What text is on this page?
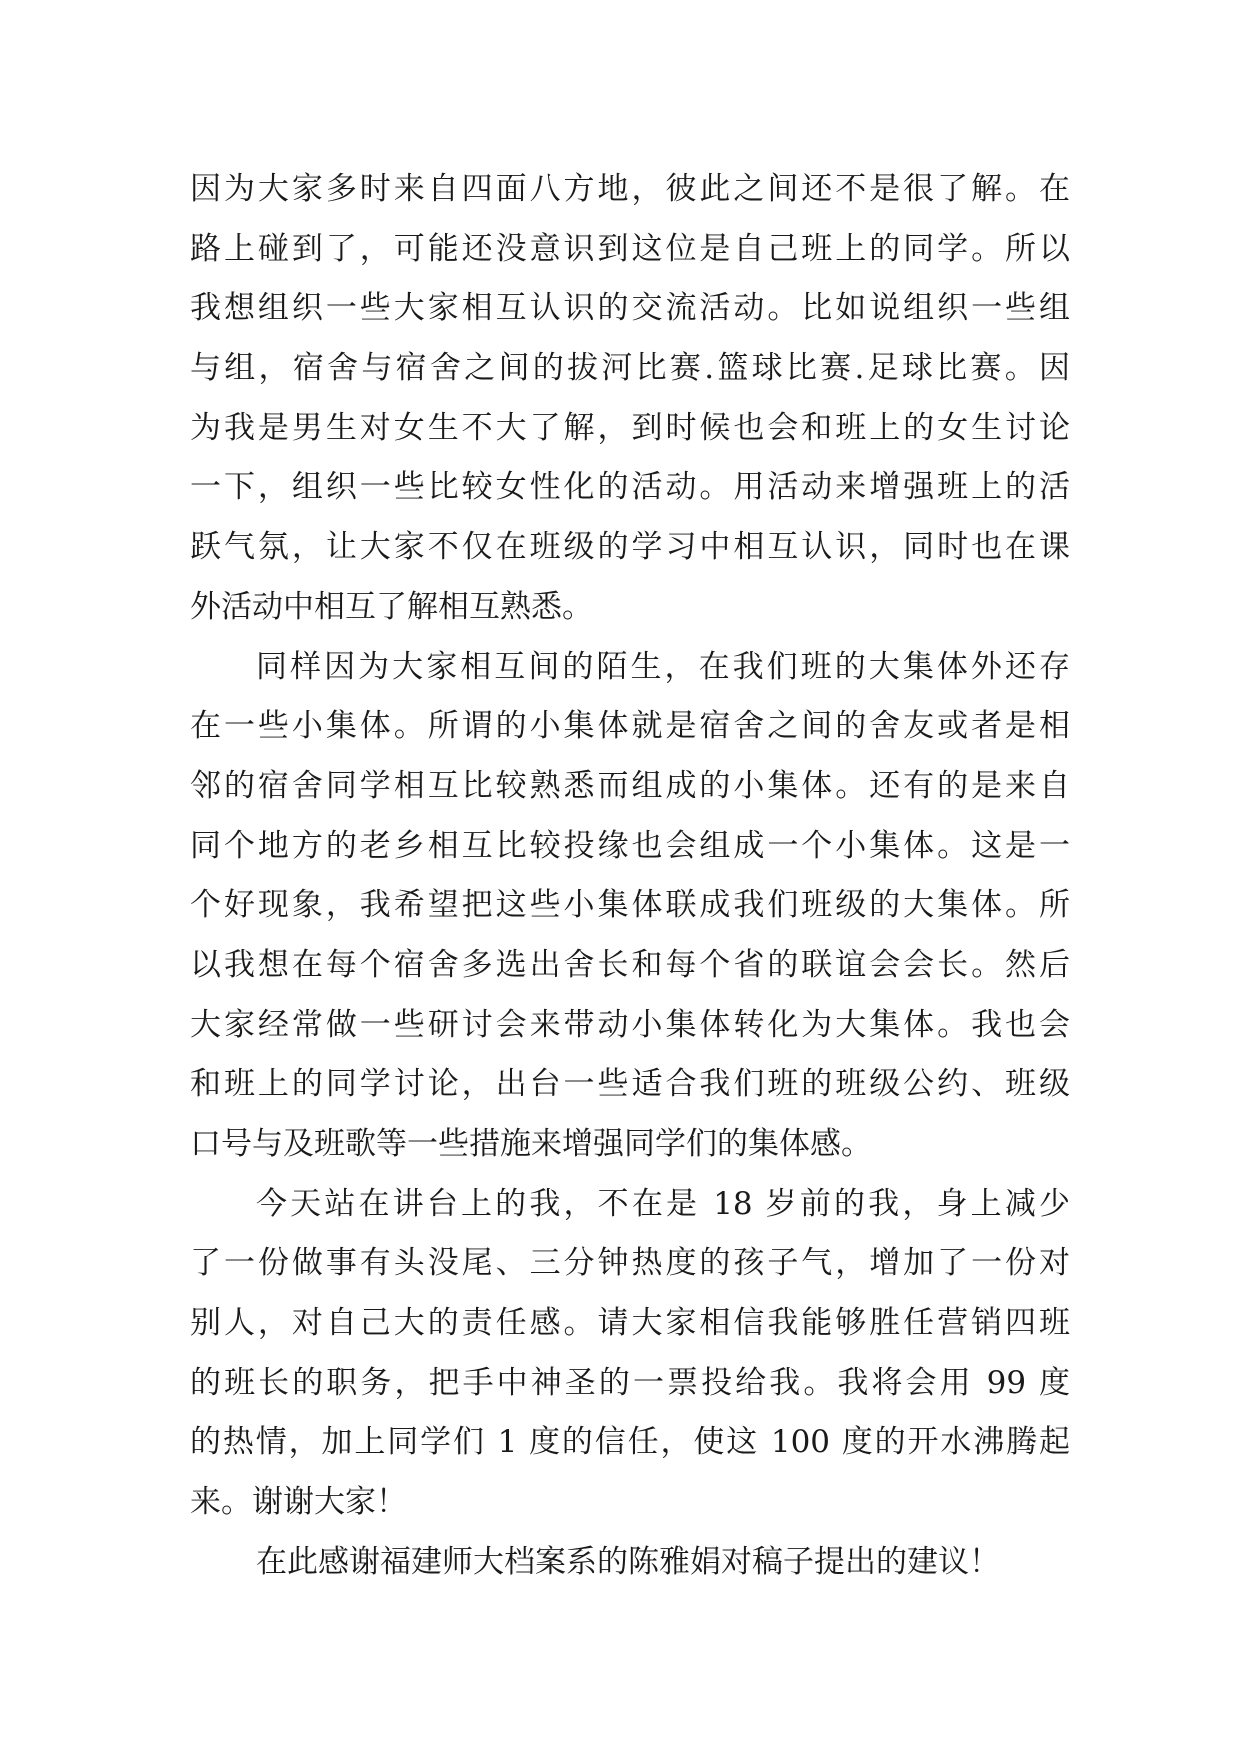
因为大家多时来自四面八方地，彼此之间还不是很了解。在
路上碰到了，可能还没意识到这位是自己班上的同学。所以
我想组织一些大家相互认识的交流活动。比如说组织一些组
与组，宿舍与宿舍之间的拔河比赛.篮球比赛.足球比赛。因
为我是男生对女生不大了解，到时候也会和班上的女生讨论
一下，组织一些比较女性化的活动。用活动来增强班上的活
跃气氛，让大家不仅在班级的学习中相互认识，同时也在课
外活动中相互了解相互熟悉。
同样因为大家相互间的陌生，在我们班的大集体外还存
在一些小集体。所谓的小集体就是宿舍之间的舍友或者是相
邻的宿舍同学相互比较熟悉而组成的小集体。还有的是来自
同个地方的老乡相互比较投缘也会组成一个小集体。这是一
个好现象，我希望把这些小集体联成我们班级的大集体。所
以我想在每个宿舍多选出舍长和每个省的联谊会会长。然后
大家经常做一些研讨会来带动小集体转化为大集体。我也会
和班上的同学讨论，出台一些适合我们班的班级公约、班级
口号与及班歌等一些措施来增强同学们的集体感。
今天站在讲台上的我，不在是 18 岁前的我，身上减少
了一份做事有头没尾、三分钟热度的孩子气，增加了一份对
别人，对自己大的责任感。请大家相信我能够胜任营销四班
的班长的职务，把手中神圣的一票投给我。我将会用 99 度
的热情，加上同学们 1 度的信任，使这 100 度的开水沸腾起
来。谢谢大家！
在此感谢福建师大档案系的陈雅娟对稿子提出的建议！
